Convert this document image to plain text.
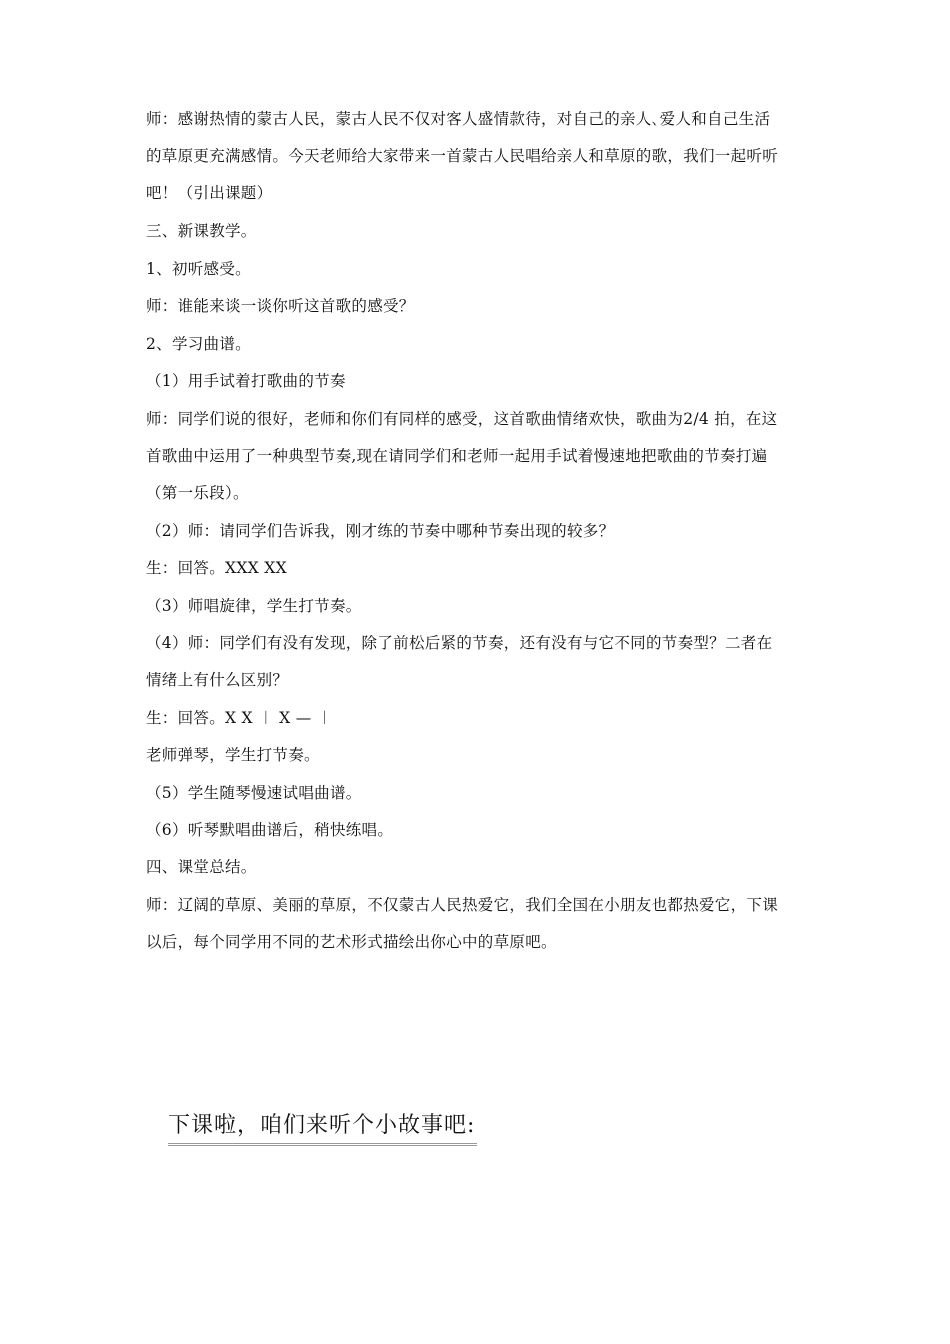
师：感谢热情的蒙古人民，蒙古人民不仅对客人盛情款待，对自己的亲人､爱人和自己生活
的草原更充满感情。今天老师给大家带来一首蒙古人民唱给亲人和草原的歌，我们一起听听
吧！（引出课题）
三、新课教学。
1、初听感受。
师：谁能来谈一谈你听这首歌的感受？
2、学习曲谱。
（1）用手试着打歌曲的节奏
师：同学们说的很好，老师和你们有同样的感受，这首歌曲情绪欢快，歌曲为2/4 拍，在这
首歌曲中运用了一种典型节奏,现在请同学们和老师一起用手试着慢速地把歌曲的节奏打遍
（第一乐段）。
（2）师：请同学们告诉我，刚才练的节奏中哪种节奏出现的较多？
生：回答。XXX XX
（3）师唱旋律，学生打节奏。
（4）师：同学们有没有发现，除了前松后紧的节奏，还有没有与它不同的节奏型？二者在
情绪上有什么区别？
生：回答。X X ︱ X — ︱
老师弹琴，学生打节奏。
（5）学生随琴慢速试唱曲谱。
（6）听琴默唱曲谱后，稍快练唱。
四、课堂总结。
师：辽阔的草原、美丽的草原，不仅蒙古人民热爱它，我们全国在小朋友也都热爱它，下课
以后，每个同学用不同的艺术形式描绘出你心中的草原吧。
下课啦，咱们来听个小故事吧:
